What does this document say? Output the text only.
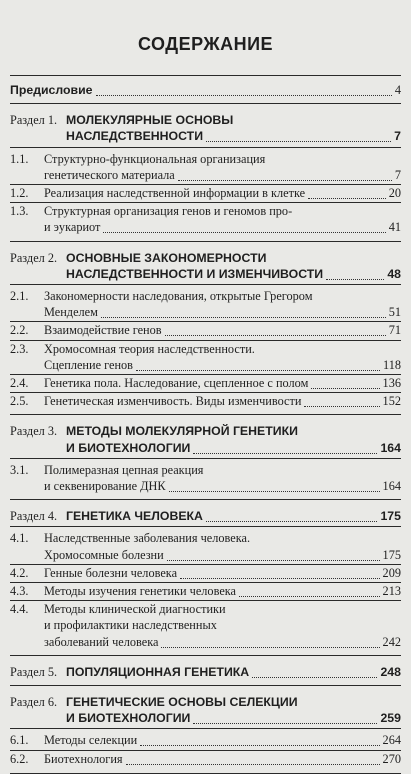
СОДЕРЖАНИЕ
Предисловие	4
Раздел 1. МОЛЕКУЛЯРНЫЕ ОСНОВЫ
НАСЛЕДСТВЕННОСТИ	7
1.1. Структурно-функциональная организация
генетического материала	7
1.2. Реализация наследственной информации в клетке	20
1.3. Структурная организация генов и геномов про-
и эукариот	41
Раздел 2. ОСНОВНЫЕ ЗАКОНОМЕРНОСТИ
НАСЛЕДСТВЕННОСТИ И ИЗМЕНЧИВОСТИ	48
2.1. Закономерности наследования, открытые Грегором
Менделем	51
2.2. Взаимодействие генов	71
2.3. Хромосомная теория наследственности.
Сцепление генов	118
2.4. Генетика пола. Наследование, сцепленное с полом	136
2.5. Генетическая изменчивость. Виды изменчивости	152
Раздел 3. МЕТОДЫ МОЛЕКУЛЯРНОЙ ГЕНЕТИКИ
И БИОТЕХНОЛОГИИ	164
3.1. Полимеразная цепная реакция
и секвенирование ДНК	164
Раздел 4. ГЕНЕТИКА ЧЕЛОВЕКА	175
4.1. Наследственные заболевания человека.
Хромосомные болезни	175
4.2. Генные болезни человека	209
4.3. Методы изучения генетики человека	213
4.4. Методы клинической диагностики
и профилактики наследственных
заболеваний человека	242
Раздел 5. ПОПУЛЯЦИОННАЯ ГЕНЕТИКА	248
Раздел 6. ГЕНЕТИЧЕСКИЕ ОСНОВЫ СЕЛЕКЦИИ
И БИОТЕХНОЛОГИИ	259
6.1. Методы селекции	264
6.2. Биотехнология	270
